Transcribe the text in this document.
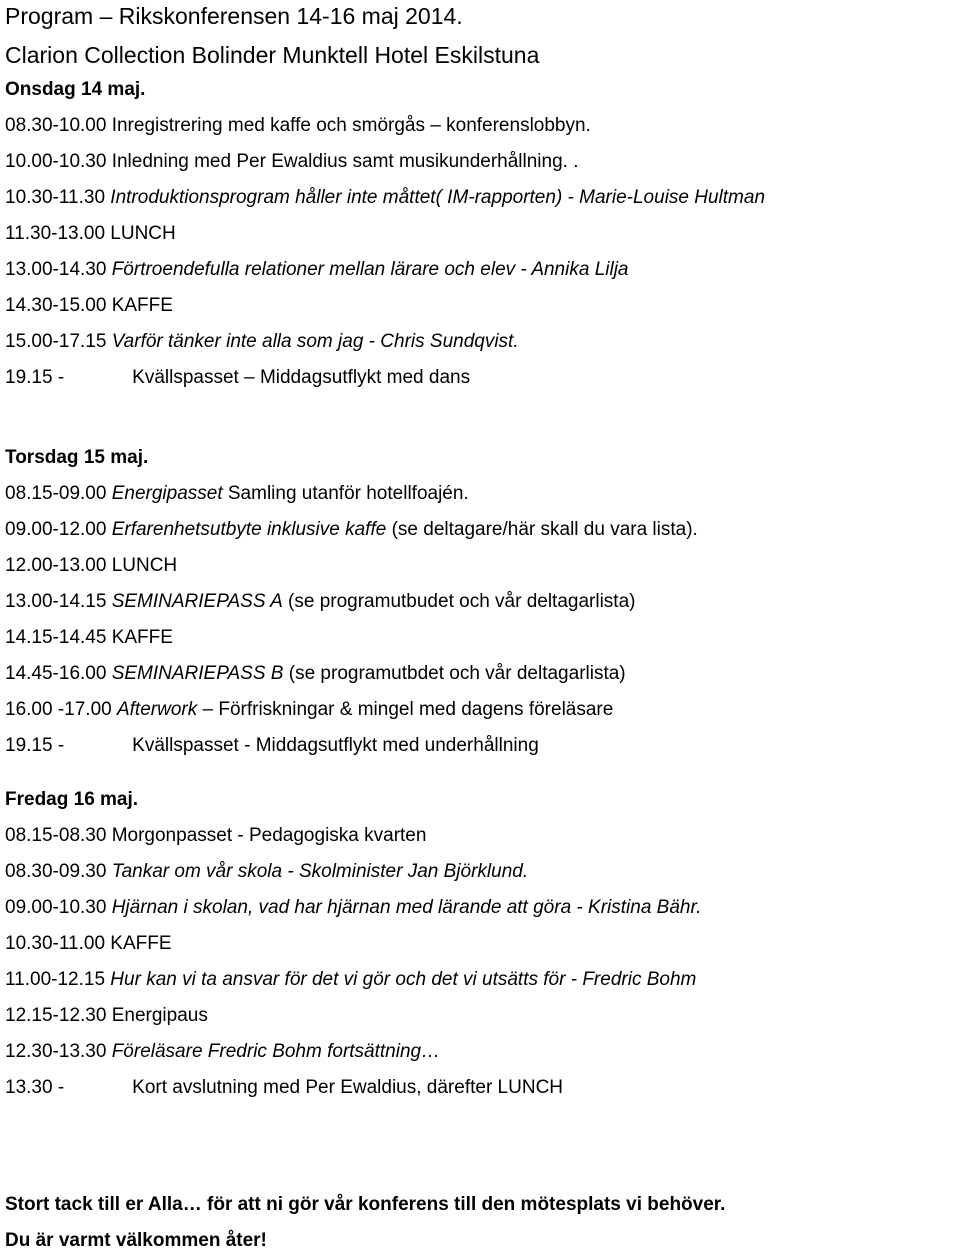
Program – Rikskonferensen 14-16 maj 2014.
Clarion Collection Bolinder Munktell Hotel Eskilstuna
Onsdag 14 maj.
08.30-10.00 Inregistrering med kaffe och smörgås – konferenslobbyn.
10.00-10.30 Inledning med Per Ewaldius samt musikunderhållning. .
10.30-11.30 Introduktionsprogram håller inte måttet( IM-rapporten) - Marie-Louise Hultman
11.30-13.00 LUNCH
13.00-14.30 Förtroendefulla relationer mellan lärare och elev - Annika Lilja
14.30-15.00 KAFFE
15.00-17.15 Varför tänker inte alla som jag - Chris Sundqvist.
19.15 -	Kvällspasset – Middagsutflykt med dans
Torsdag 15 maj.
08.15-09.00 Energipasset Samling utanför hotellfoajén.
09.00-12.00 Erfarenhetsutbyte inklusive kaffe (se deltagare/här skall du vara lista).
12.00-13.00 LUNCH
13.00-14.15 SEMINARIEPASS A (se programutbudet och vår deltagarlista)
14.15-14.45 KAFFE
14.45-16.00 SEMINARIEPASS B (se programutbdet och vår deltagarlista)
16.00 -17.00 Afterwork – Förfriskningar & mingel med dagens föreläsare
19.15 -	Kvällspasset - Middagsutflykt med underhållning
Fredag 16 maj.
08.15-08.30 Morgonpasset - Pedagogiska kvarten
08.30-09.30 Tankar om vår skola - Skolminister Jan Björklund.
09.00-10.30 Hjärnan i skolan, vad har hjärnan med lärande att göra - Kristina Bähr.
10.30-11.00 KAFFE
11.00-12.15 Hur kan vi ta ansvar för det vi gör och det vi utsätts för - Fredric Bohm
12.15-12.30 Energipaus
12.30-13.30 Föreläsare Fredric Bohm fortsättning…
13.30 -	Kort avslutning med Per Ewaldius, därefter LUNCH
Stort tack till er Alla… för att ni gör vår konferens till den mötesplats vi behöver.
Du är varmt välkommen åter!
